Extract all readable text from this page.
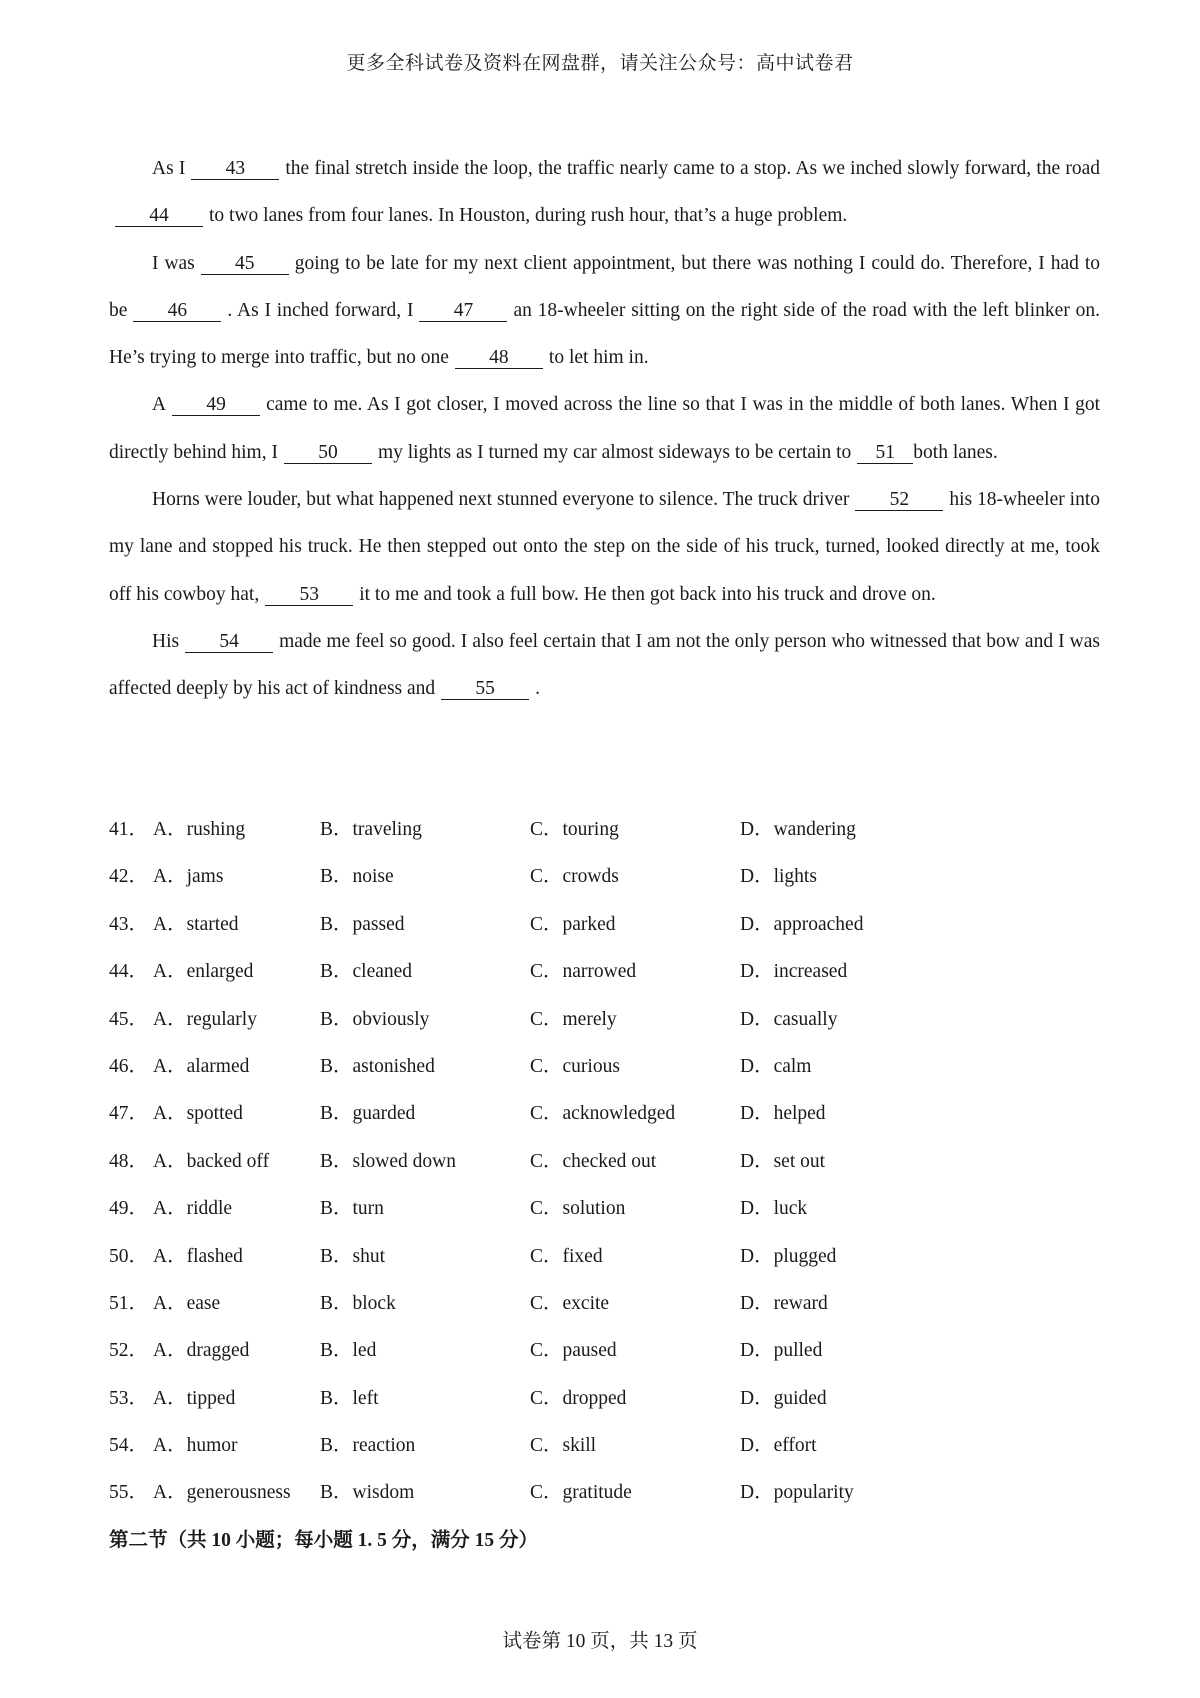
更多全科试卷及资料在网盘群，请关注公众号：高中试卷君

As I 43 the final stretch inside the loop, the traffic nearly came to a stop. As we inched slowly forward, the road44 to two lanes from four lanes. In Houston, during rush hour, that’s a huge problem.

I was 45 going to be late for my next client appointment, but there was nothing I could do. Therefore, I had to be 46 . As I inched forward, I 47 an 18-wheeler sitting on the right side of the road with the left blinker on. He’s trying to merge into traffic, but no one 48 to let him in.

A 49 came to me. As I got closer, I moved across the line so that I was in the middle of both lanes. When I got directly behind him, I 50 my lights as I turned my car almost sideways to be certain to 51 both lanes.

Horns were louder, but what happened next stunned everyone to silence. The truck driver 52 his 18-wheeler into my lane and stopped his truck. He then stepped out onto the step on the side of his truck, turned, looked directly at me, took off his cowboy hat, 53 it to me and took a full bow. He then got back into his truck and drove on.

His 54 made me feel so good. I also feel certain that I am not the only person who witnessed that bow and I was affected deeply by his act of kindness and 55 .

41． A．rushing	B．traveling	C．touring	D．wandering
42． A．jams	B．noise	C．crowds	D．lights
43． A．started	B．passed	C．parked	D．approached
44． A．enlarged	B．cleaned	C．narrowed	D．increased
45． A．regularly	B．obviously	C．merely	D．casually
46． A．alarmed	B．astonished	C．curious	D．calm
47． A．spotted	B．guarded	C．acknowledged	D．helped
48． A．backed off	B．slowed down	C．checked out	D．set out
49． A．riddle	B．turn	C．solution	D．luck
50． A．flashed	B．shut	C．fixed	D．plugged
51． A．ease	B．block	C．excite	D．reward
52． A．dragged	B．led	C．paused	D．pulled
53． A．tipped	B．left	C．dropped	D．guided
54． A．humor	B．reaction	C．skill	D．effort
55． A．generousness B．wisdom	C．gratitude	D．popularity
第二节（共 10 小题；每小题 1. 5 分，满分 15 分）
试卷第 10 页，共 13 页
